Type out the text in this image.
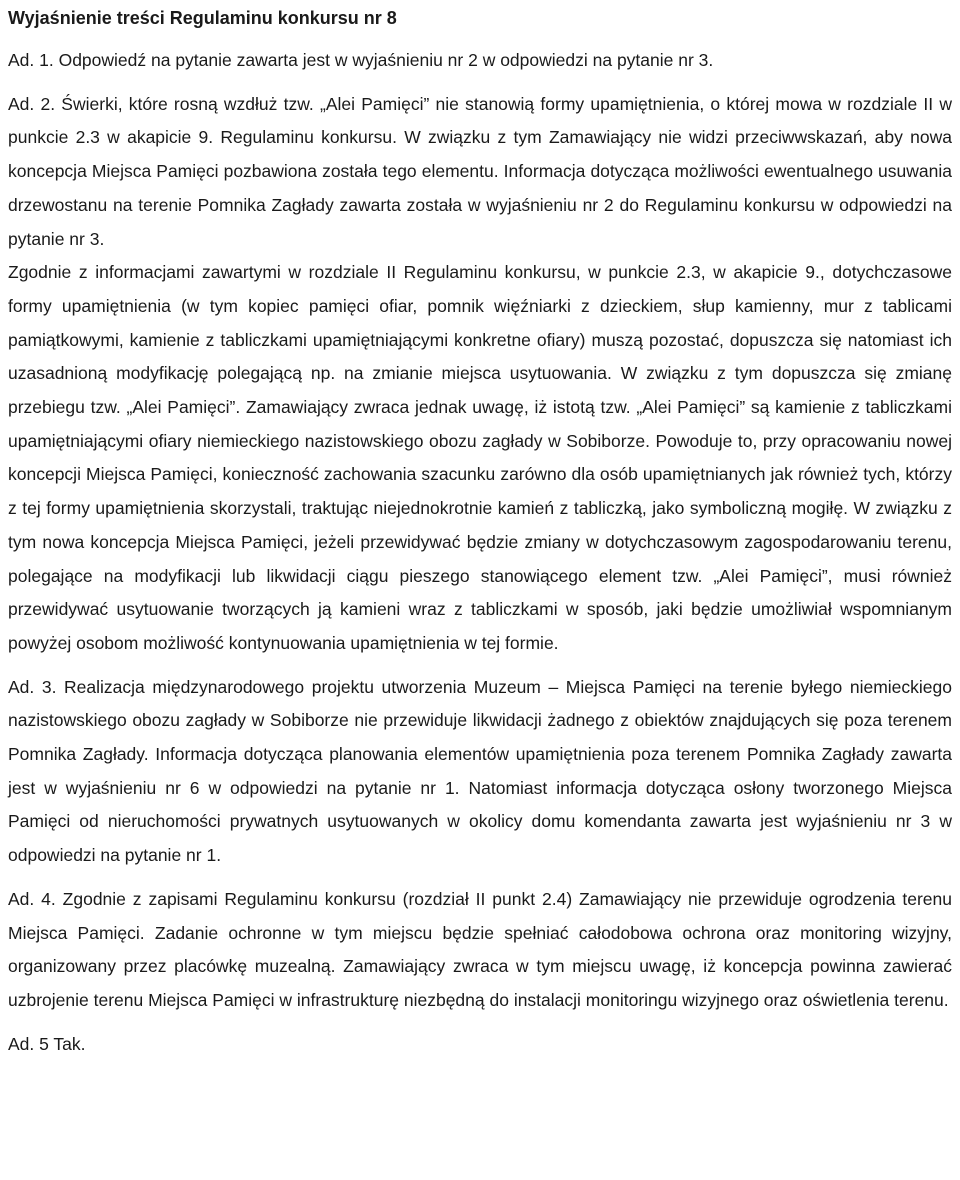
Wyjaśnienie treści Regulaminu konkursu nr 8

Ad. 1. Odpowiedź na pytanie zawarta jest w wyjaśnieniu nr 2 w odpowiedzi na pytanie nr 3.

Ad. 2. Świerki, które rosną wzdłuż tzw. „Alei Pamięci” nie stanowią formy upamiętnienia, o której mowa w rozdziale II w punkcie 2.3 w akapicie 9. Regulaminu konkursu. W związku z tym Zamawiający nie widzi przeciwwskazań, aby nowa koncepcja Miejsca Pamięci pozbawiona została tego elementu. Informacja dotycząca możliwości ewentualnego usuwania drzewostanu na terenie Pomnika Zagłady zawarta została w wyjaśnieniu nr 2 do Regulaminu konkursu w odpowiedzi na pytanie nr 3.

Zgodnie z informacjami zawartymi w rozdziale II Regulaminu konkursu, w punkcie 2.3, w akapicie 9., dotychczasowe formy upamiętnienia (w tym kopiec pamięci ofiar, pomnik więźniarki z dzieckiem, słup kamienny, mur z tablicami pamiątkowymi, kamienie z tabliczkami upamiętniającymi konkretne ofiary) muszą pozostać, dopuszcza się natomiast ich uzasadnioną modyfikację polegającą np. na zmianie miejsca usytuowania. W związku z tym dopuszcza się zmianę przebiegu tzw. „Alei Pamięci”. Zamawiający zwraca jednak uwagę, iż istotą tzw. „Alei Pamięci” są kamienie z tabliczkami upamiętniającymi ofiary niemieckiego nazistowskiego obozu zagłady w Sobiborze. Powoduje to, przy opracowaniu nowej koncepcji Miejsca Pamięci, konieczność zachowania szacunku zarówno dla osób upamiętnianych jak również tych, którzy z tej formy upamiętnienia skorzystali, traktując niejednokrotnie kamień z tabliczką, jako symboliczną mogiłę. W związku z tym nowa koncepcja Miejsca Pamięci, jeżeli przewidywać będzie zmiany w dotychczasowym zagospodarowaniu terenu, polegające na modyfikacji lub likwidacji ciągu pieszego stanowiącego element tzw. „Alei Pamięci”, musi również przewidywać usytuowanie tworzących ją kamieni wraz z tabliczkami w sposób, jaki będzie umożliwiał wspomnianym powyżej osobom możliwość kontynuowania upamiętnienia w tej formie.

Ad. 3. Realizacja międzynarodowego projektu utworzenia Muzeum – Miejsca Pamięci na terenie byłego niemieckiego nazistowskiego obozu zagłady w Sobiborze nie przewiduje likwidacji żadnego z obiektów znajdujących się poza terenem Pomnika Zagłady. Informacja dotycząca planowania elementów upamiętnienia poza terenem Pomnika Zagłady zawarta jest w wyjaśnieniu nr 6 w odpowiedzi na pytanie nr 1. Natomiast informacja dotycząca osłony tworzonego Miejsca Pamięci od nieruchomości prywatnych usytuowanych w okolicy domu komendanta zawarta jest wyjaśnieniu nr 3 w odpowiedzi na pytanie nr 1.

Ad. 4. Zgodnie z zapisami Regulaminu konkursu (rozdział II punkt 2.4) Zamawiający nie przewiduje ogrodzenia terenu Miejsca Pamięci. Zadanie ochronne w tym miejscu będzie spełniać całodobowa ochrona oraz monitoring wizyjny, organizowany przez placówkę muzealną. Zamawiający zwraca w tym miejscu uwagę, iż koncepcja powinna zawierać uzbrojenie terenu Miejsca Pamięci w infrastrukturę niezbędną do instalacji monitoringu wizyjnego oraz oświetlenia terenu.

Ad. 5 Tak.
